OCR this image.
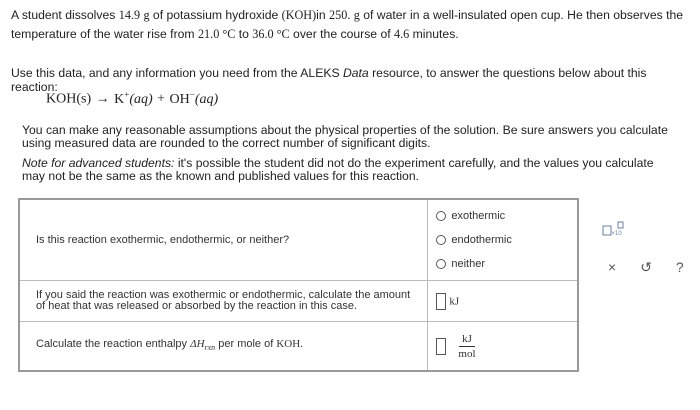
A student dissolves 14.9 g of potassium hydroxide (KOH)in 250. g of water in a well-insulated open cup. He then observes the temperature of the water rise from 21.0 °C to 36.0 °C over the course of 4.6 minutes.
Use this data, and any information you need from the ALEKS Data resource, to answer the questions below about this reaction:
KOH(s) → K+(aq) + OH−(aq)
You can make any reasonable assumptions about the physical properties of the solution. Be sure answers you calculate using measured data are rounded to the correct number of significant digits.
Note for advanced students: it's possible the student did not do the experiment carefully, and the values you calculate may not be the same as the known and published values for this reaction.
Is this reaction exothermic, endothermic, or neither?	exothermic
endothermic
neither

If you said the reaction was exothermic or endothermic, calculate the amount of heat that was released or absorbed by the reaction in this case.	kJ
Calculate the reaction enthalpy $\Delta H_{rxn}$ per mole of KOH.	$\frac{kJ}{\text{mol}}$
×10
× ↺ ?
